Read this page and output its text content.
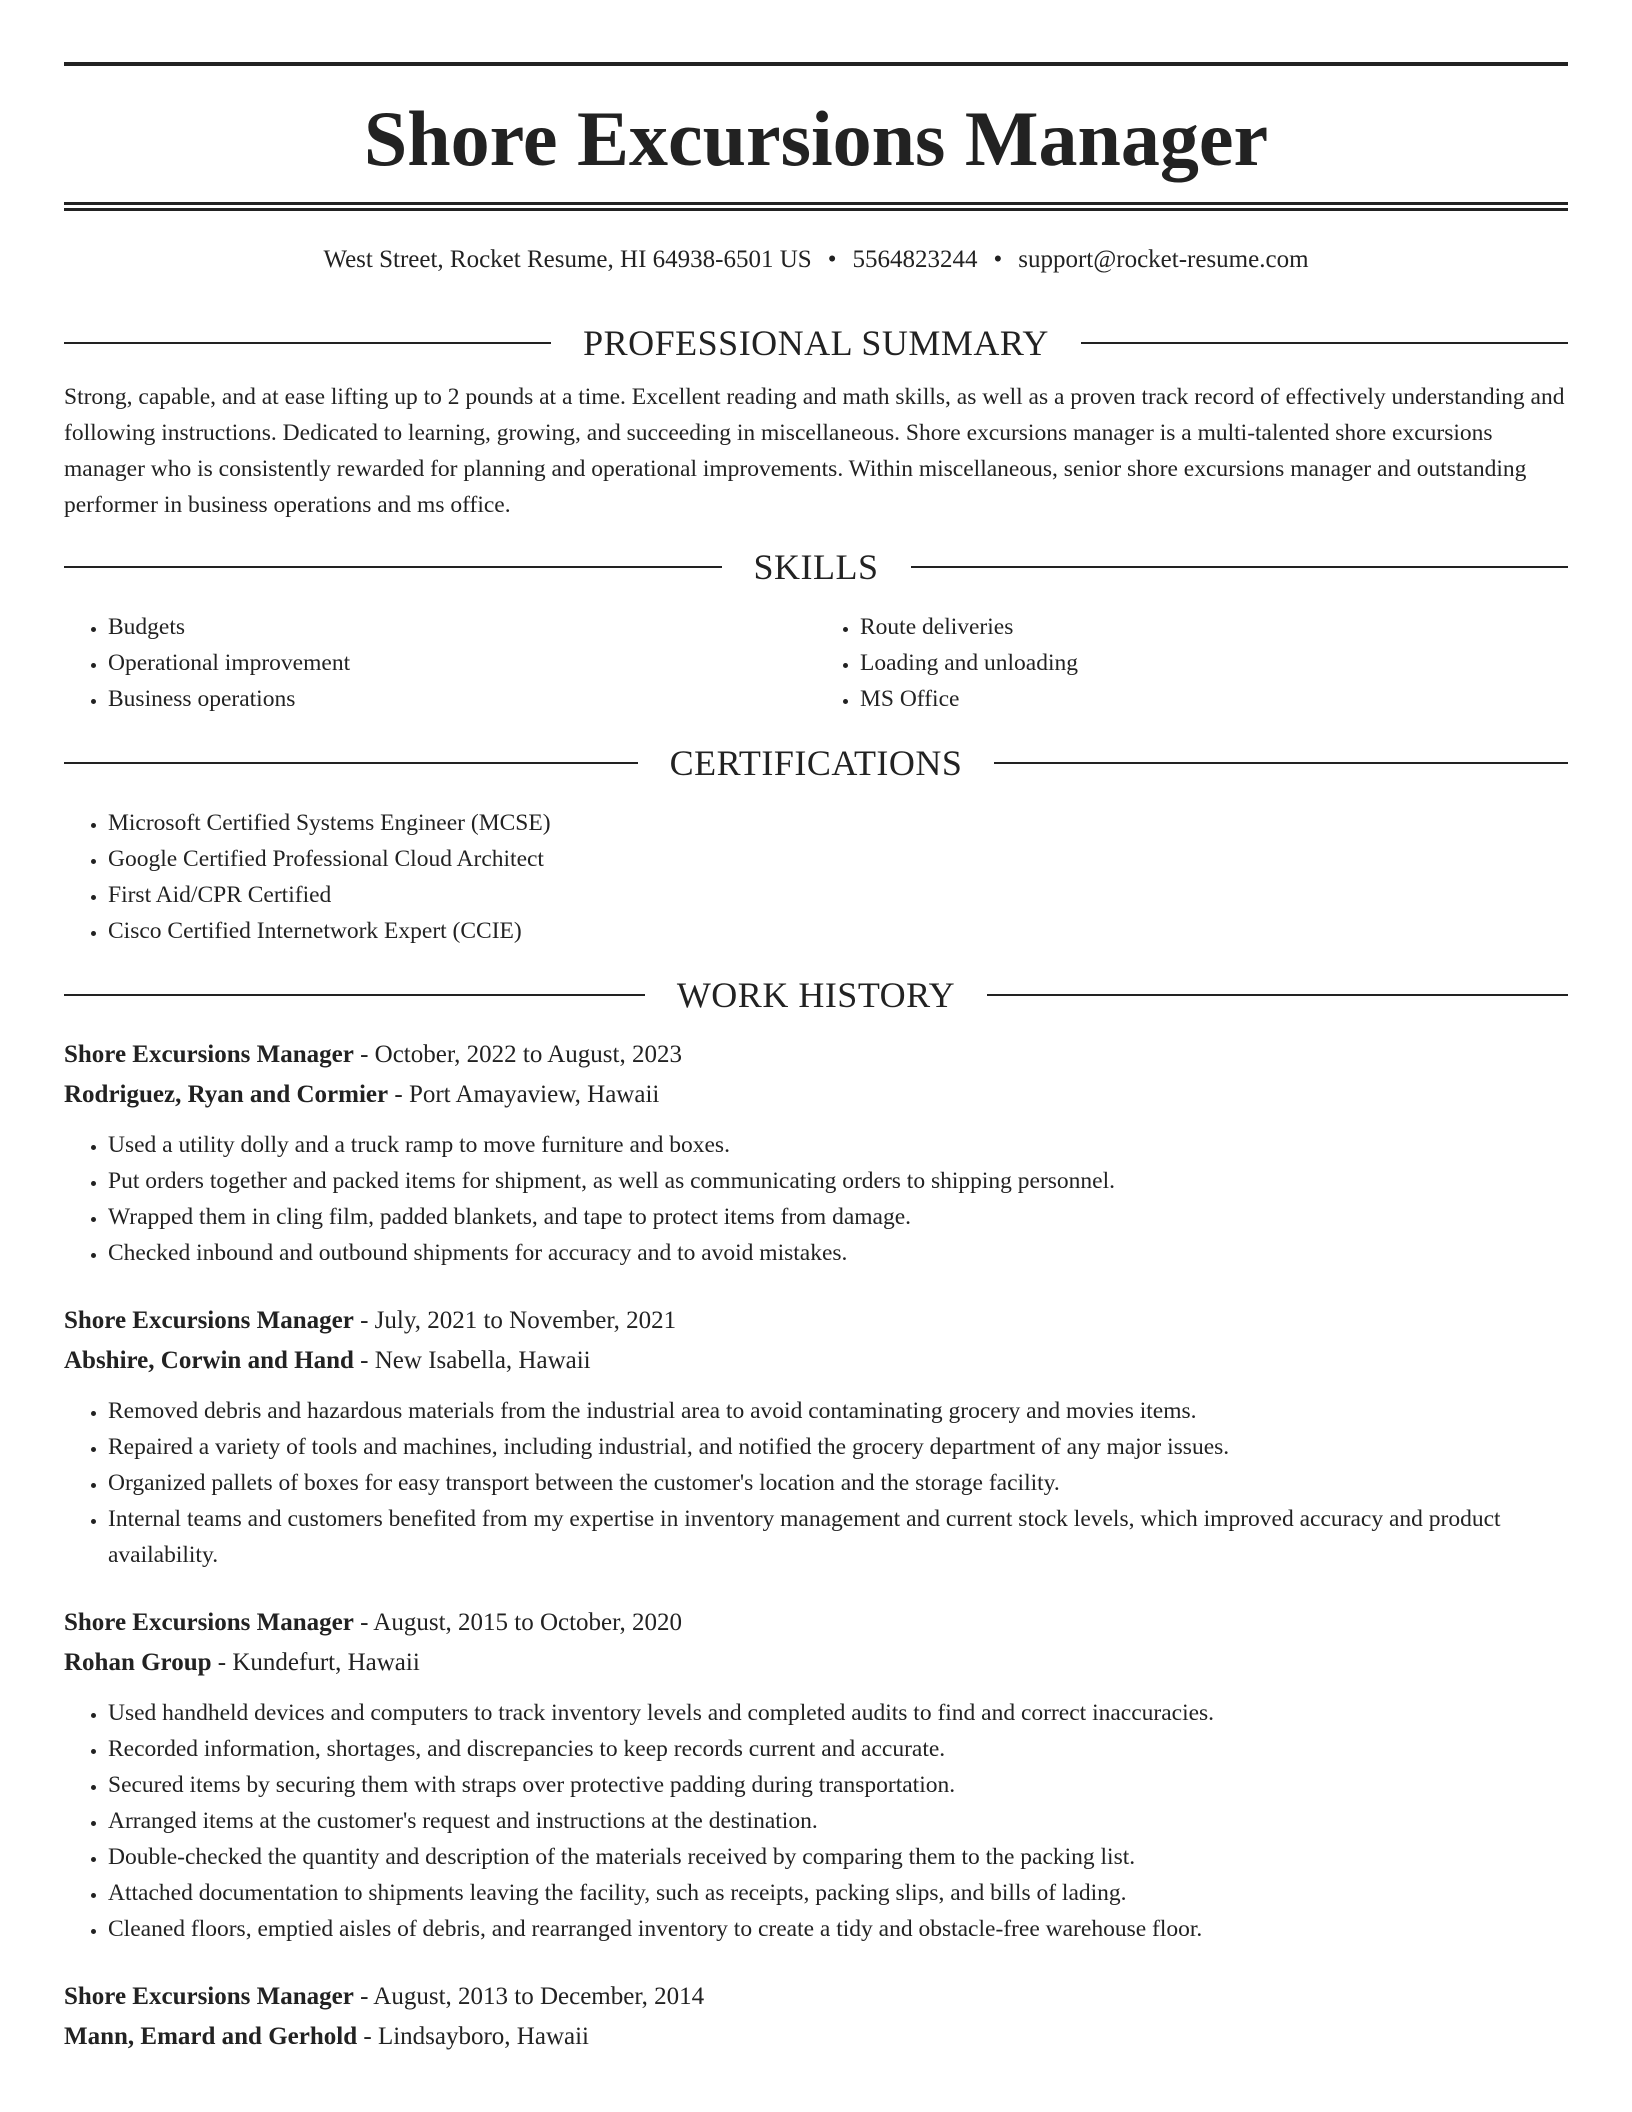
Shore Excursions Manager
West Street, Rocket Resume, HI 64938-6501 US • 5564823244 • support@rocket-resume.com
PROFESSIONAL SUMMARY

Strong, capable, and at ease lifting up to 2 pounds at a time. Excellent reading and math skills, as well as a proven track record of effectively understanding and following instructions. Dedicated to learning, growing, and succeeding in miscellaneous. Shore excursions manager is a multi-talented shore excursions manager who is consistently rewarded for planning and operational improvements. Within miscellaneous, senior shore excursions manager and outstanding performer in business operations and ms office.

SKILLS
• Budgets
• Operational improvement
• Business operations
• Route deliveries
• Loading and unloading
• MS Office
CERTIFICATIONS
• Microsoft Certified Systems Engineer (MCSE)
• Google Certified Professional Cloud Architect
• First Aid/CPR Certified
• Cisco Certified Internetwork Expert (CCIE)
WORK HISTORY

Shore Excursions Manager - October, 2022 to August, 2023

Rodriguez, Ryan and Cormier - Port Amayaview, Hawaii

• Used a utility dolly and a truck ramp to move furniture and boxes.
• Put orders together and packed items for shipment, as well as communicating orders to shipping personnel.
• Wrapped them in cling film, padded blankets, and tape to protect items from damage.
• Checked inbound and outbound shipments for accuracy and to avoid mistakes.

Shore Excursions Manager - July, 2021 to November, 2021

Abshire, Corwin and Hand - New Isabella, Hawaii

• Removed debris and hazardous materials from the industrial area to avoid contaminating grocery and movies items.
• Repaired a variety of tools and machines, including industrial, and notified the grocery department of any major issues.
• Organized pallets of boxes for easy transport between the customer's location and the storage facility.
• Internal teams and customers benefited from my expertise in inventory management and current stock levels, which improved accuracy and product availability.

Shore Excursions Manager - August, 2015 to October, 2020

Rohan Group - Kundefurt, Hawaii

• Used handheld devices and computers to track inventory levels and completed audits to find and correct inaccuracies.
• Recorded information, shortages, and discrepancies to keep records current and accurate.
• Secured items by securing them with straps over protective padding during transportation.
• Arranged items at the customer's request and instructions at the destination.
• Double-checked the quantity and description of the materials received by comparing them to the packing list.
• Attached documentation to shipments leaving the facility, such as receipts, packing slips, and bills of lading.
• Cleaned floors, emptied aisles of debris, and rearranged inventory to create a tidy and obstacle-free warehouse floor.

Shore Excursions Manager - August, 2013 to December, 2014

Mann, Emard and Gerhold - Lindsayboro, Hawaii
